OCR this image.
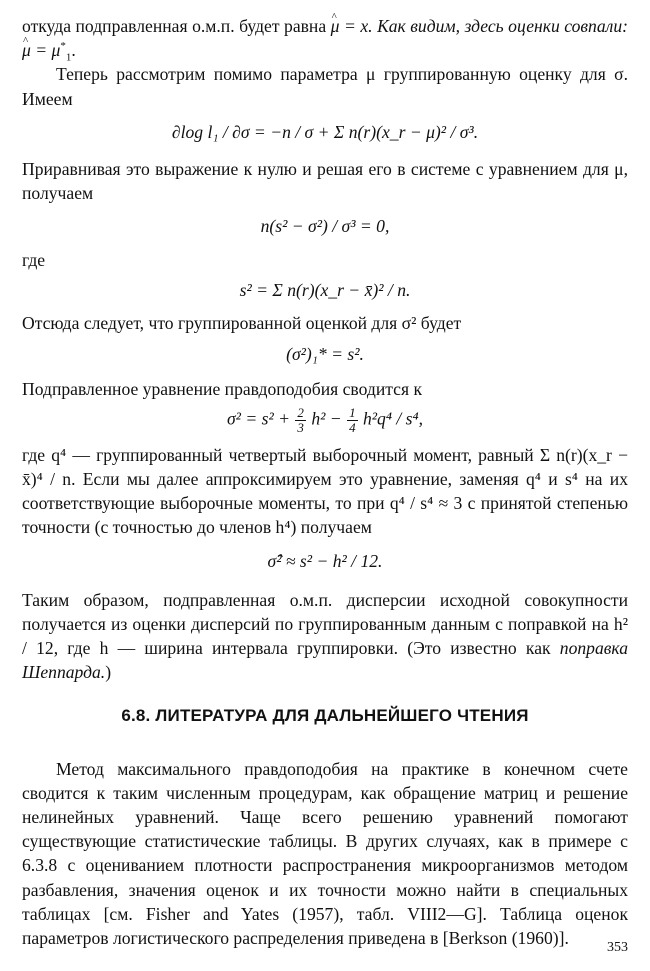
откуда подправленная о.м.п. будет равна ^ μ = x. Как видим, здесь оценки совпали: ^ $\mu = \mu^*_1$.

Теперь рассмотрим помимо параметра μ группированную оценку для σ. Имеем

∂log l₁ / ∂σ = −n / σ + Σ n(r)(x_r − μ)² / σ³.

Приравнивая это выражение к нулю и решая его в системе с уравнением для μ, получаем

n(s² − σ²) / σ³ = 0,

где

s² = Σ n(r)(x_r − x̄)² / n.

Отсюда следует, что группированной оценкой для σ² будет

(σ²)₁* = s².

Подправленное уравнение правдоподобия сводится к

$\sigma^2 = s^2 + \frac{2}{3} h^2 - \frac{1}{4} h^2q^4 / s^4$,

где q⁴ — группированный четвертый выборочный момент, равный Σ n(r)(x_r − x̄)⁴ / n. Если мы далее аппроксимируем это уравнение, заменяя q⁴ и s⁴ на их соответствующие выборочные моменты, то при q⁴ / s⁴ ≈ 3 с принятой степенью точности (с точностью до членов h⁴) получаем

σ̂² ≈ s² − h² / 12.

Таким образом, подправленная о.м.п. дисперсии исходной совокупности получается из оценки дисперсий по группированным данным с поправкой на h² / 12, где h — ширина интервала группировки. (Это известно как поправка Шеппарда.)

6.8. ЛИТЕРАТУРА ДЛЯ ДАЛЬНЕЙШЕГО ЧТЕНИЯ

Метод максимального правдоподобия на практике в конечном счете сводится к таким численным процедурам, как обращение матриц и решение нелинейных уравнений. Чаще всего решению уравнений помогают существующие статистические таблицы. В других случаях, как в примере с 6.3.8 с оцениванием плотности распространения микроорганизмов методом разбавления, значения оценок и их точности можно найти в специальных таблицах [см. Fisher and Yates (1957), табл. VIII2—G]. Таблица оценок параметров логистического распределения приведена в [Berkson (1960)].	353
